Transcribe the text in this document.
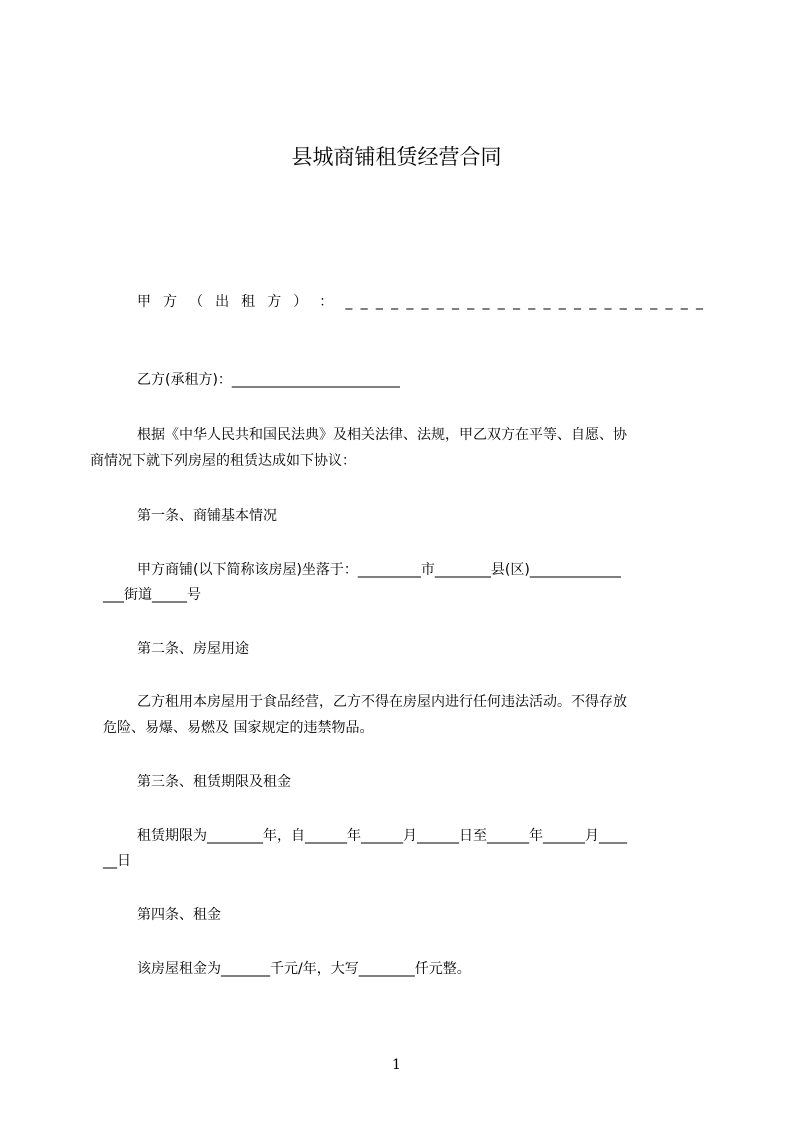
县城商铺租赁经营合同
甲 方 （ 出 租 方 ） ： _ _ _ _ _ _ _ _ _ _ _ _ _ _ _ _ _ _ _ _ _ _ _ _
乙方(承租方)：________________________
根据《中华人民共和国民法典》及相关法律、法规，甲乙双方在平等、自愿、协
商情况下就下列房屋的租赁达成如下协议：
第一条、商铺基本情况
甲方商铺(以下简称该房屋)坐落于：_________市________县(区)_____________
___街道_____号
第二条、房屋用途
乙方租用本房屋用于食品经营，乙方不得在房屋内进行任何违法活动。不得存放
危险、易爆、易燃及 国家规定的违禁物品。
第三条、租赁期限及租金
租赁期限为________年，自______年______月______日至______年______月____
__日
第四条、租金
该房屋租金为_______千元/年，大写________仟元整。
1
